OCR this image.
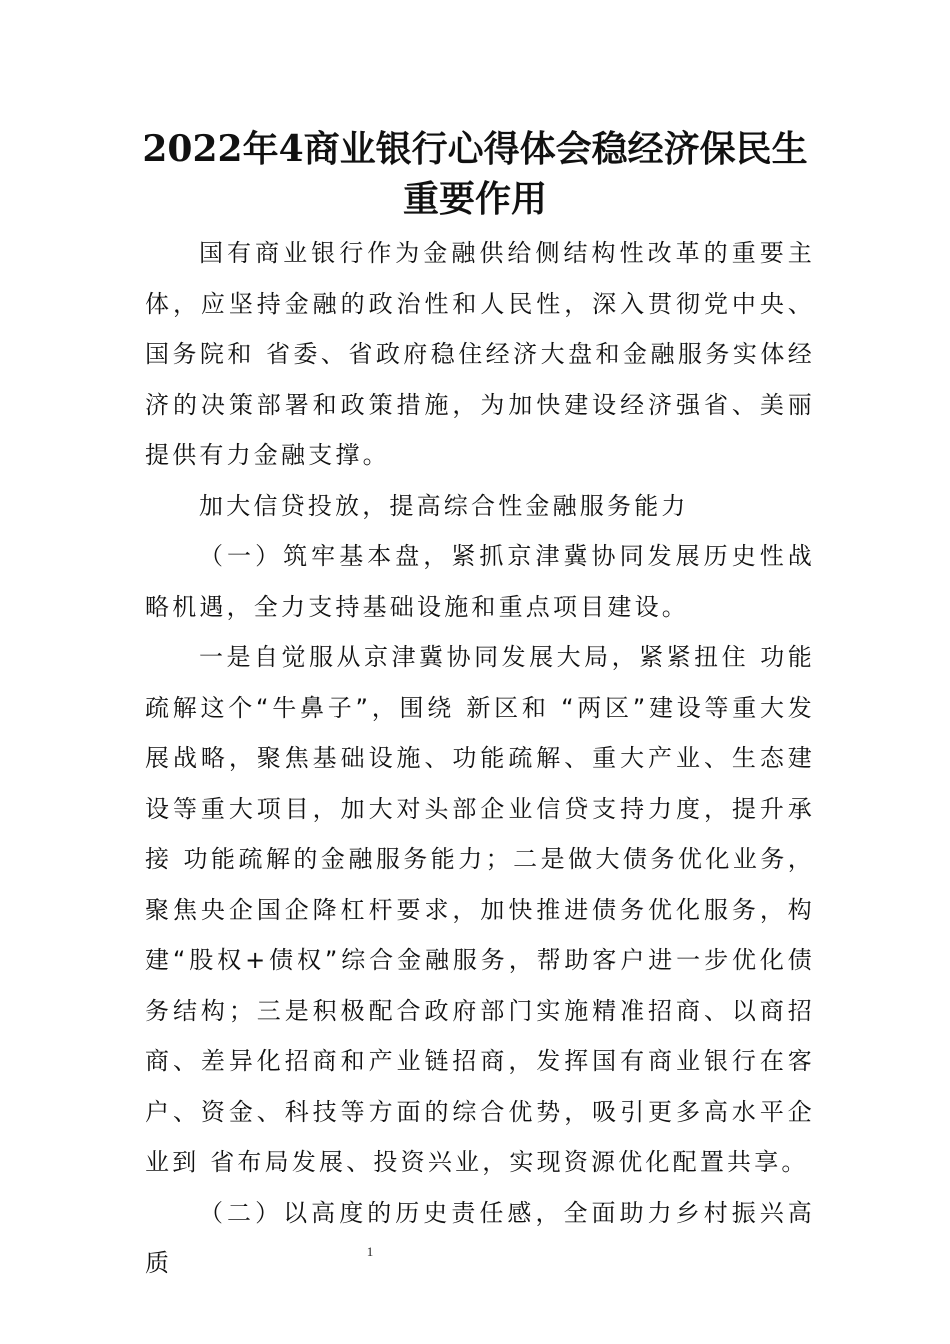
2022年4商业银行心得体会稳经济保民生
重要作用

国有商业银行作为金融供给侧结构性改革的重要主体，应坚持金融的政治性和人民性，深入贯彻党中央、国务院和 省委、省政府稳住经济大盘和金融服务实体经济的决策部署和政策措施，为加快建设经济强省、美丽 提供有力金融支撑。

加大信贷投放，提高综合性金融服务能力

（一）筑牢基本盘，紧抓京津冀协同发展历史性战略机遇，全力支持基础设施和重点项目建设。

一是自觉服从京津冀协同发展大局，紧紧扭住 功能疏解这个“牛鼻子”，围绕 新区和 “两区”建设等重大发展战略，聚焦基础设施、功能疏解、重大产业、生态建设等重大项目，加大对头部企业信贷支持力度，提升承接 功能疏解的金融服务能力；二是做大债务优化业务，聚焦央企国企降杠杆要求，加快推进债务优化服务，构建“股权+债权”综合金融服务，帮助客户进一步优化债务结构；三是积极配合政府部门实施精准招商、以商招商、差异化招商和产业链招商，发挥国有商业银行在客户、资金、科技等方面的综合优势，吸引更多高水平企业到 省布局发展、投资兴业，实现资源优化配置共享。

（二）以高度的历史责任感，全面助力乡村振兴高质	1
